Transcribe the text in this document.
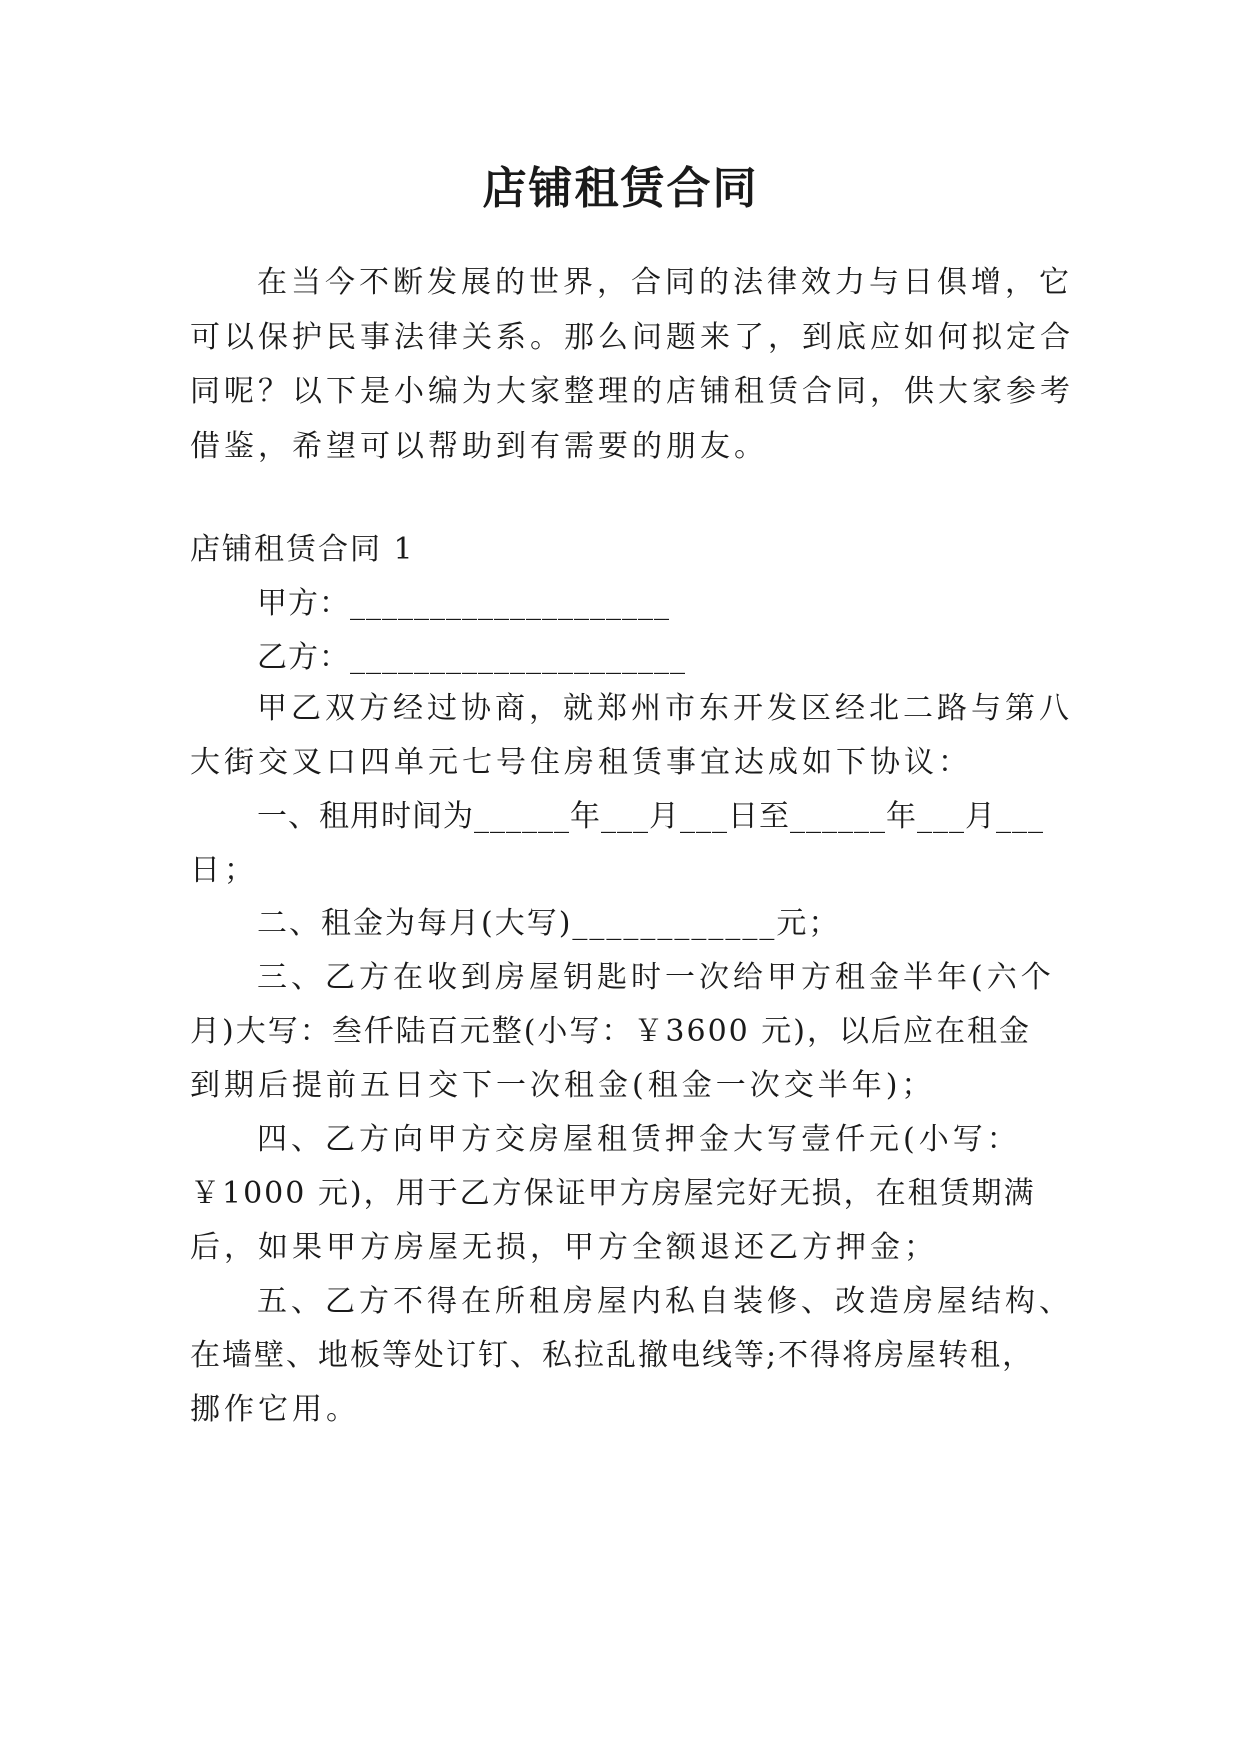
店铺租赁合同
在当今不断发展的世界，合同的法律效力与日俱增，它
可以保护民事法律关系。那么问题来了，到底应如何拟定合
同呢？以下是小编为大家整理的店铺租赁合同，供大家参考
借鉴，希望可以帮助到有需要的朋友。
店铺租赁合同 1
甲方：____________________
乙方：_____________________
甲乙双方经过协商，就郑州市东开发区经北二路与第八
大街交叉口四单元七号住房租赁事宜达成如下协议：
一、租用时间为______年___月___日至______年___月___
日；
二、租金为每月(大写)____________元；
三、乙方在收到房屋钥匙时一次给甲方租金半年(六个
月)大写：叁仟陆百元整(小写：￥3600 元)，以后应在租金
到期后提前五日交下一次租金(租金一次交半年)；
四、乙方向甲方交房屋租赁押金大写壹仟元(小写：
￥1000 元)，用于乙方保证甲方房屋完好无损，在租赁期满
后，如果甲方房屋无损，甲方全额退还乙方押金；
五、乙方不得在所租房屋内私自装修、改造房屋结构、
在墙壁、地板等处订钉、私拉乱撤电线等;不得将房屋转租，
挪作它用。
